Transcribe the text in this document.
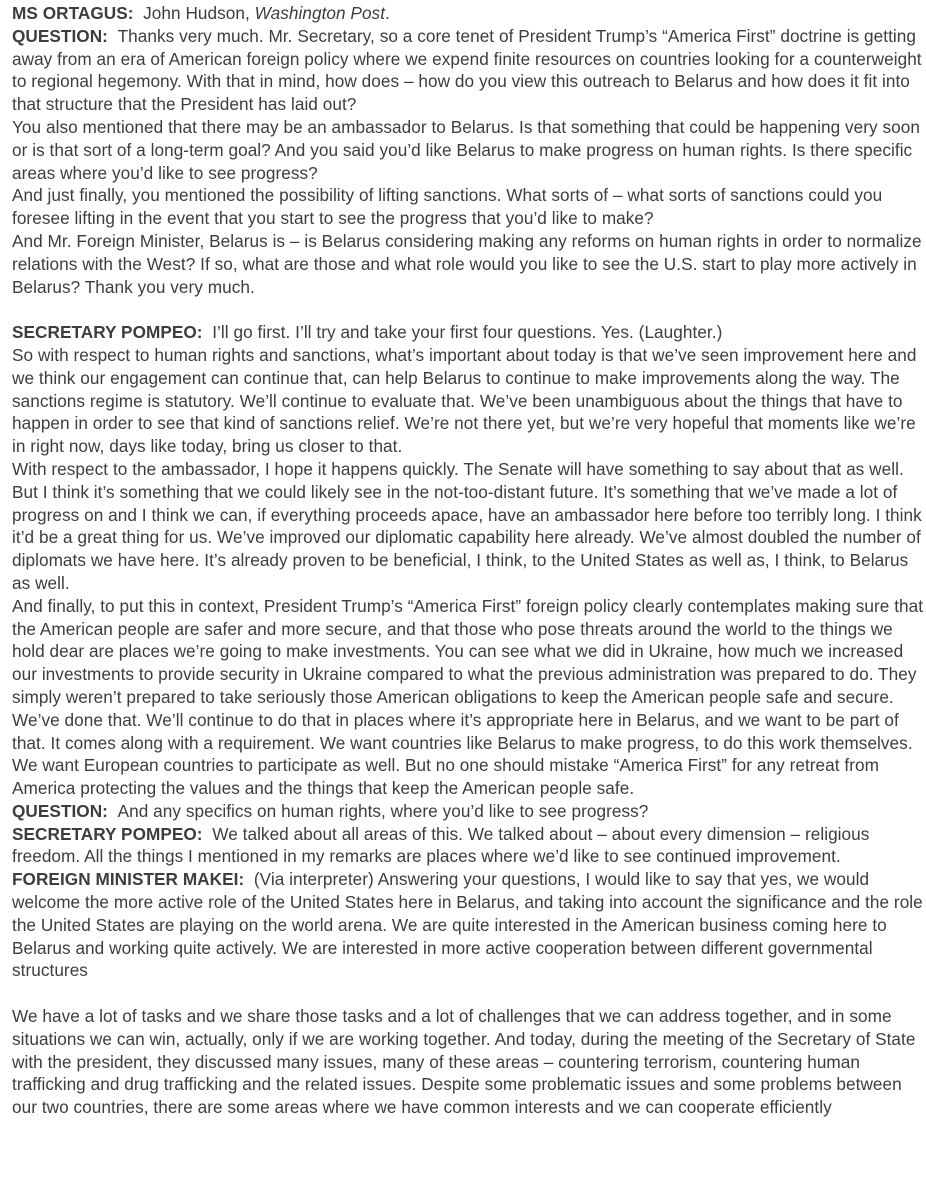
MS ORTAGUS: John Hudson, Washington Post.

QUESTION: Thanks very much. Mr. Secretary, so a core tenet of President Trump’s “America First” doctrine is getting away from an era of American foreign policy where we expend finite resources on countries looking for a counterweight to regional hegemony. With that in mind, how does – how do you view this outreach to Belarus and how does it fit into that structure that the President has laid out?

You also mentioned that there may be an ambassador to Belarus. Is that something that could be happening very soon or is that sort of a long-term goal? And you said you’d like Belarus to make progress on human rights. Is there specific areas where you’d like to see progress?

And just finally, you mentioned the possibility of lifting sanctions. What sorts of – what sorts of sanctions could you foresee lifting in the event that you start to see the progress that you’d like to make?

And Mr. Foreign Minister, Belarus is – is Belarus considering making any reforms on human rights in order to normalize relations with the West? If so, what are those and what role would you like to see the U.S. start to play more actively in Belarus? Thank you very much.

SECRETARY POMPEO: I’ll go first. I’ll try and take your first four questions. Yes. (Laughter.)

So with respect to human rights and sanctions, what’s important about today is that we’ve seen improvement here and we think our engagement can continue that, can help Belarus to continue to make improvements along the way. The sanctions regime is statutory. We’ll continue to evaluate that. We’ve been unambiguous about the things that have to happen in order to see that kind of sanctions relief. We’re not there yet, but we’re very hopeful that moments like we’re in right now, days like today, bring us closer to that.

With respect to the ambassador, I hope it happens quickly. The Senate will have something to say about that as well. But I think it’s something that we could likely see in the not-too-distant future. It’s something that we’ve made a lot of progress on and I think we can, if everything proceeds apace, have an ambassador here before too terribly long. I think it’d be a great thing for us. We’ve improved our diplomatic capability here already. We’ve almost doubled the number of diplomats we have here. It’s already proven to be beneficial, I think, to the United States as well as, I think, to Belarus as well.

And finally, to put this in context, President Trump’s “America First” foreign policy clearly contemplates making sure that the American people are safer and more secure, and that those who pose threats around the world to the things we hold dear are places we’re going to make investments. You can see what we did in Ukraine, how much we increased our investments to provide security in Ukraine compared to what the previous administration was prepared to do. They simply weren’t prepared to take seriously those American obligations to keep the American people safe and secure. We’ve done that. We’ll continue to do that in places where it’s appropriate here in Belarus, and we want to be part of that. It comes along with a requirement. We want countries like Belarus to make progress, to do this work themselves. We want European countries to participate as well. But no one should mistake “America First” for any retreat from America protecting the values and the things that keep the American people safe.

QUESTION: And any specifics on human rights, where you’d like to see progress?

SECRETARY POMPEO: We talked about all areas of this. We talked about – about every dimension – religious freedom. All the things I mentioned in my remarks are places where we’d like to see continued improvement.

FOREIGN MINISTER MAKEI: (Via interpreter) Answering your questions, I would like to say that yes, we would welcome the more active role of the United States here in Belarus, and taking into account the significance and the role the United States are playing on the world arena. We are quite interested in the American business coming here to Belarus and working quite actively. We are interested in more active cooperation between different governmental structures

We have a lot of tasks and we share those tasks and a lot of challenges that we can address together, and in some situations we can win, actually, only if we are working together. And today, during the meeting of the Secretary of State with the president, they discussed many issues, many of these areas – countering terrorism, countering human trafficking and drug trafficking and the related issues. Despite some problematic issues and some problems between our two countries, there are some areas where we have common interests and we can cooperate efficiently
